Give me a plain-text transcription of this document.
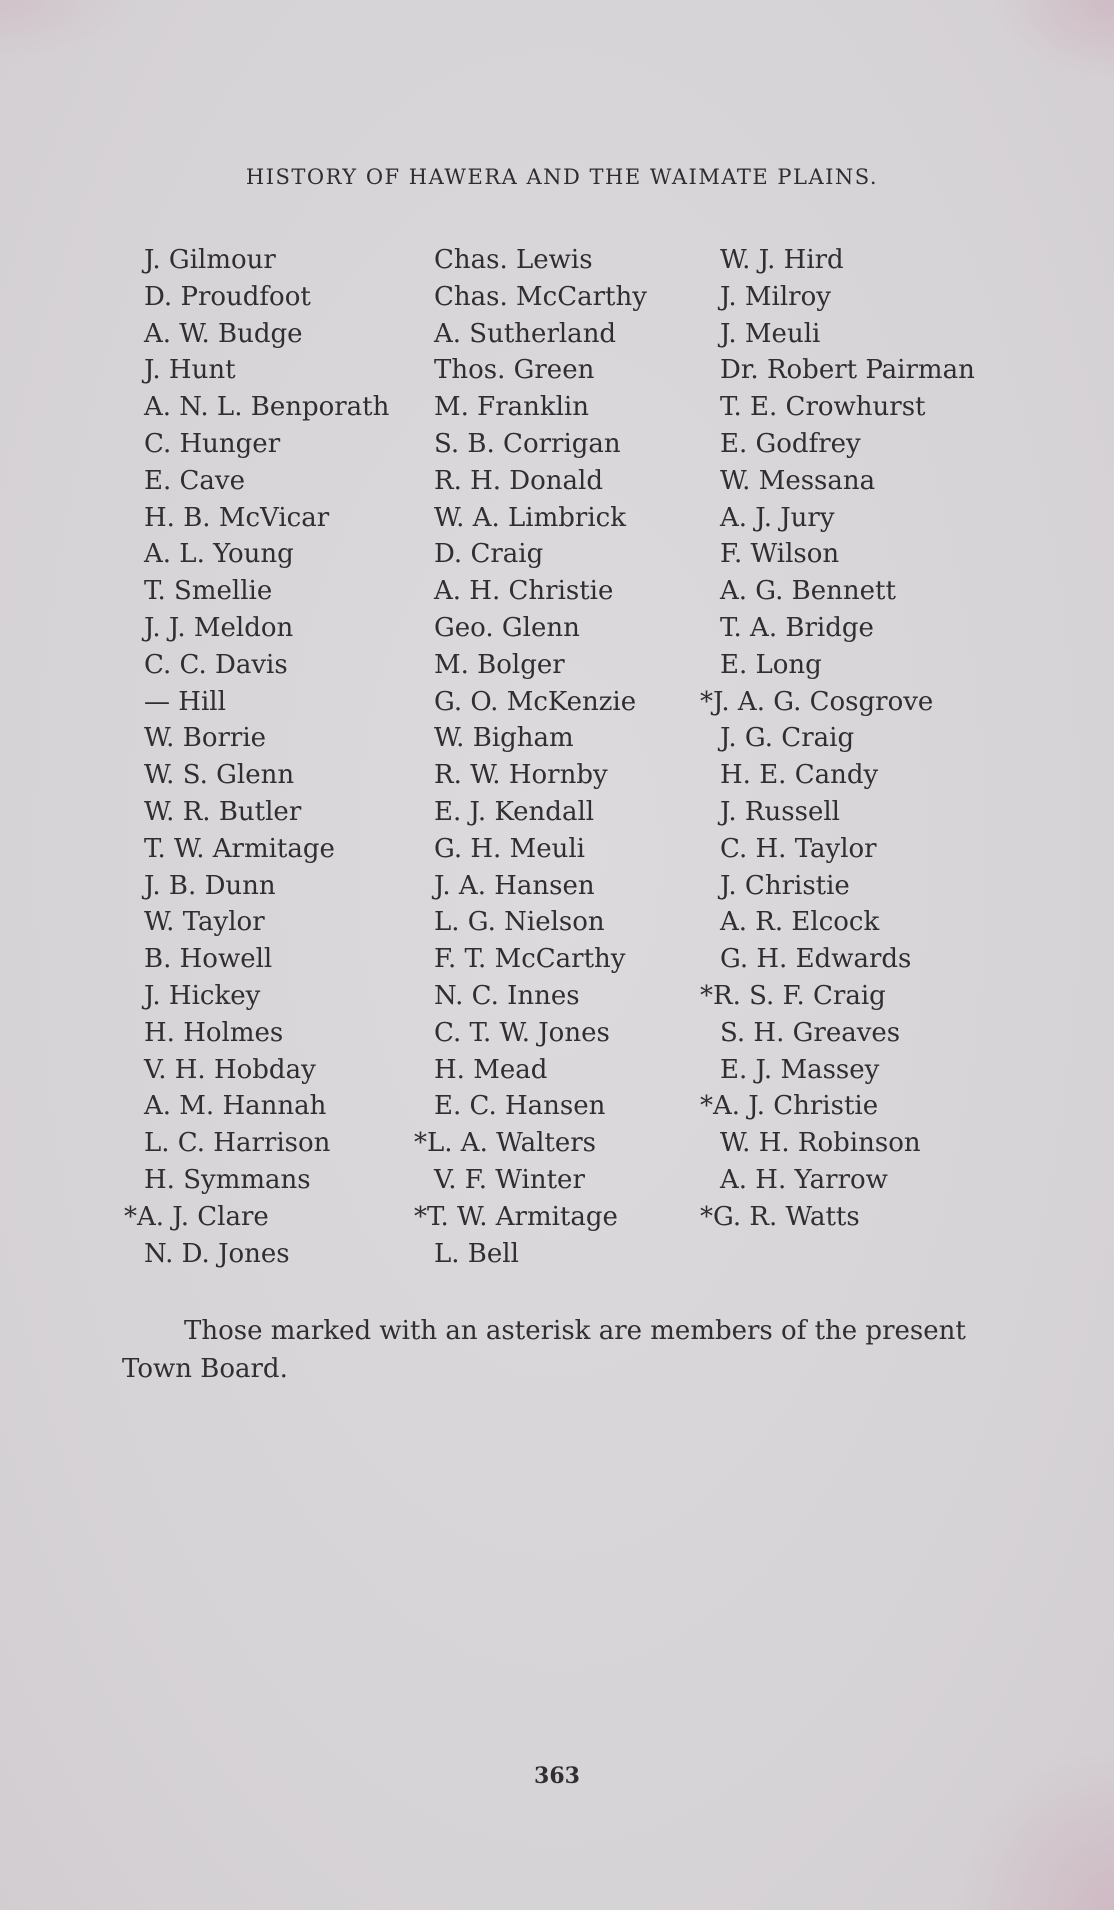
HISTORY OF HAWERA AND THE WAIMATE PLAINS.
J. Gilmour
D. Proudfoot
A. W. Budge
J. Hunt
A. N. L. Benporath
C. Hunger
E. Cave
H. B. McVicar
A. L. Young
T. Smellie
J. J. Meldon
C. C. Davis
— Hill
W. Borrie
W. S. Glenn
W. R. Butler
T. W. Armitage
J. B. Dunn
W. Taylor
B. Howell
J. Hickey
H. Holmes
V. H. Hobday
A. M. Hannah
L. C. Harrison
H. Symmans
*A. J. Clare
N. D. Jones
Chas. Lewis
Chas. McCarthy
A. Sutherland
Thos. Green
M. Franklin
S. B. Corrigan
R. H. Donald
W. A. Limbrick
D. Craig
A. H. Christie
Geo. Glenn
M. Bolger
G. O. McKenzie
W. Bigham
R. W. Hornby
E. J. Kendall
G. H. Meuli
J. A. Hansen
L. G. Nielson
F. T. McCarthy
N. C. Innes
C. T. W. Jones
H. Mead
E. C. Hansen
*L. A. Walters
V. F. Winter
*T. W. Armitage
L. Bell
W. J. Hird
J. Milroy
J. Meuli
Dr. Robert Pairman
T. E. Crowhurst
E. Godfrey
W. Messana
A. J. Jury
F. Wilson
A. G. Bennett
T. A. Bridge
E. Long
*J. A. G. Cosgrove
J. G. Craig
H. E. Candy
J. Russell
C. H. Taylor
J. Christie
A. R. Elcock
G. H. Edwards
*R. S. F. Craig
S. H. Greaves
E. J. Massey
*A. J. Christie
W. H. Robinson
A. H. Yarrow
*G. R. Watts
Those marked with an asterisk are members of the present Town Board.
363
